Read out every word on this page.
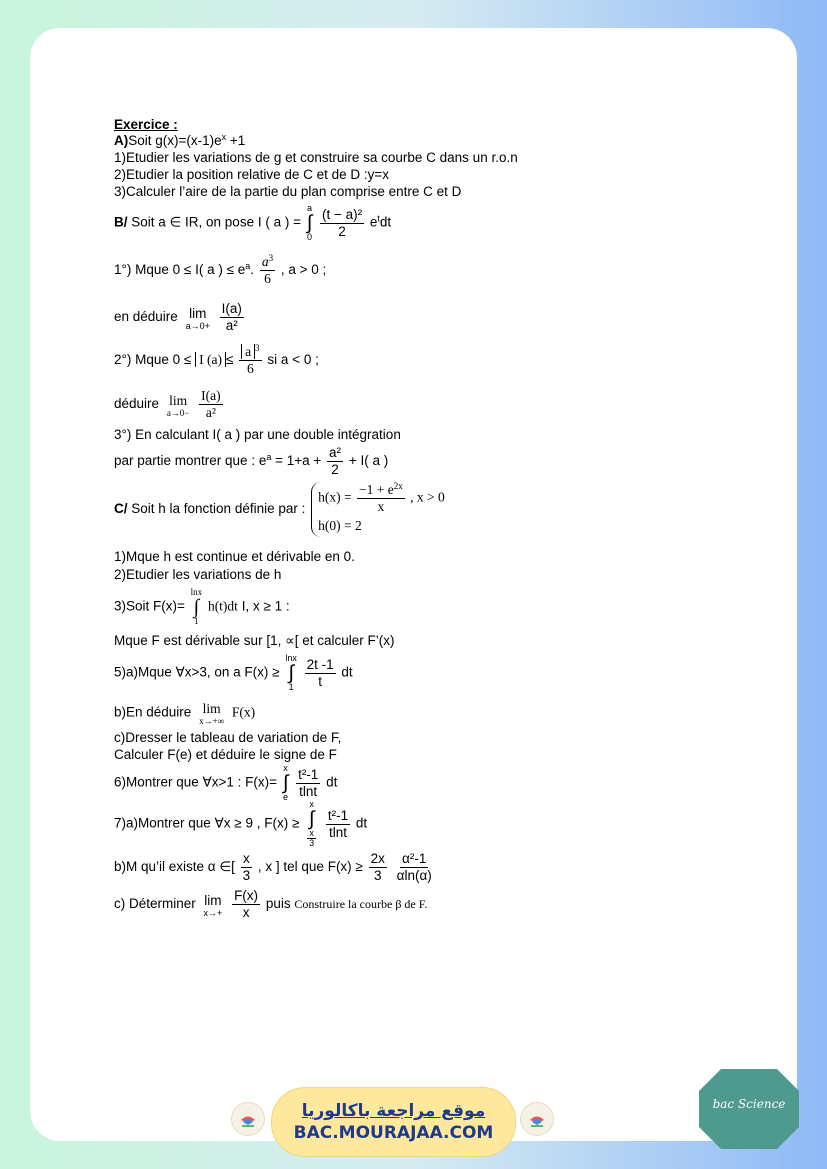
Exercice :
A)Soit $g(x)=(x-1)e^x +1$
1)Etudier les variations de g et construire sa courbe C dans un r.o.n
2)Etudier la position relative de C et de D :y=x
3)Calculer l’aire de la partie du plan comprise entre C et D
B/ Soit a ∈ IR, on pose I ( a ) =
a
∫
0
$\frac{\text{(t − a)²}}{2} e^tdt$
1°) Mque 0 ≤ I( a ) ≤ $e^a$. $\frac{a^3}{6}$ , a > 0 ;
en déduire lim
a→0+
$\frac{I(a)}{\text{a²}}$
2°) Mque 0 ≤ I $(a) \le \frac{a ^3}{6}$ si a < 0 ;
déduire lim
a→0−
$\frac{I(a)}{\text{a²}}$
3°) En calculant I( a ) par une double intégration
par partie montrer que : $e^a = 1+a + \frac{\text{a²}}{2} + I$( a )
C/ Soit h la fonction définie par :
$h(x) = \frac{-1 + e^{2x}}{x}$ , x > 0
h(0) = 2
1)Mque h est continue et dérivable en 0.
2)Etudier les variations de h
3)Soit F(x)=
lnx
∫
1
h(t)dt I, x ≥ 1 :
Mque F est dérivable sur [1, ∝[ et calculer F’(x)
5)a)Mque ∀x>3, on a F(x) ≥
lnx
∫
1
$\frac{2t -1}{t}$ dt
b)En déduire lim
x→+∞
F(x)
c)Dresser le tableau de variation de F,
Calculer F(e) et déduire le signe de F
6)Montrer que ∀x>1 : F(x)=
x
∫
e
$\frac{\text{t²-1}}{tlnt}$ dt
7)a)Montrer que ∀x ≥ 9 , F(x) ≥
x
∫
$\frac{x}{3}$
$\frac{\text{t²-1}}{tlnt}$ dt
b)M qu’il existe α ∈[ $\frac{x}{3}$ , x ] tel que $F(x) \ge \frac{2x}{3}$
$\frac{\text{α²-1}}{\alpha\ln(\alpha)}$
c) Déterminer lim
x→+
$\frac{F(x)}{x}$ puis Construire la courbe β de F.
موقع مراجعة باكالوريا
BAC.MOURAJAA.COM
bac Science
